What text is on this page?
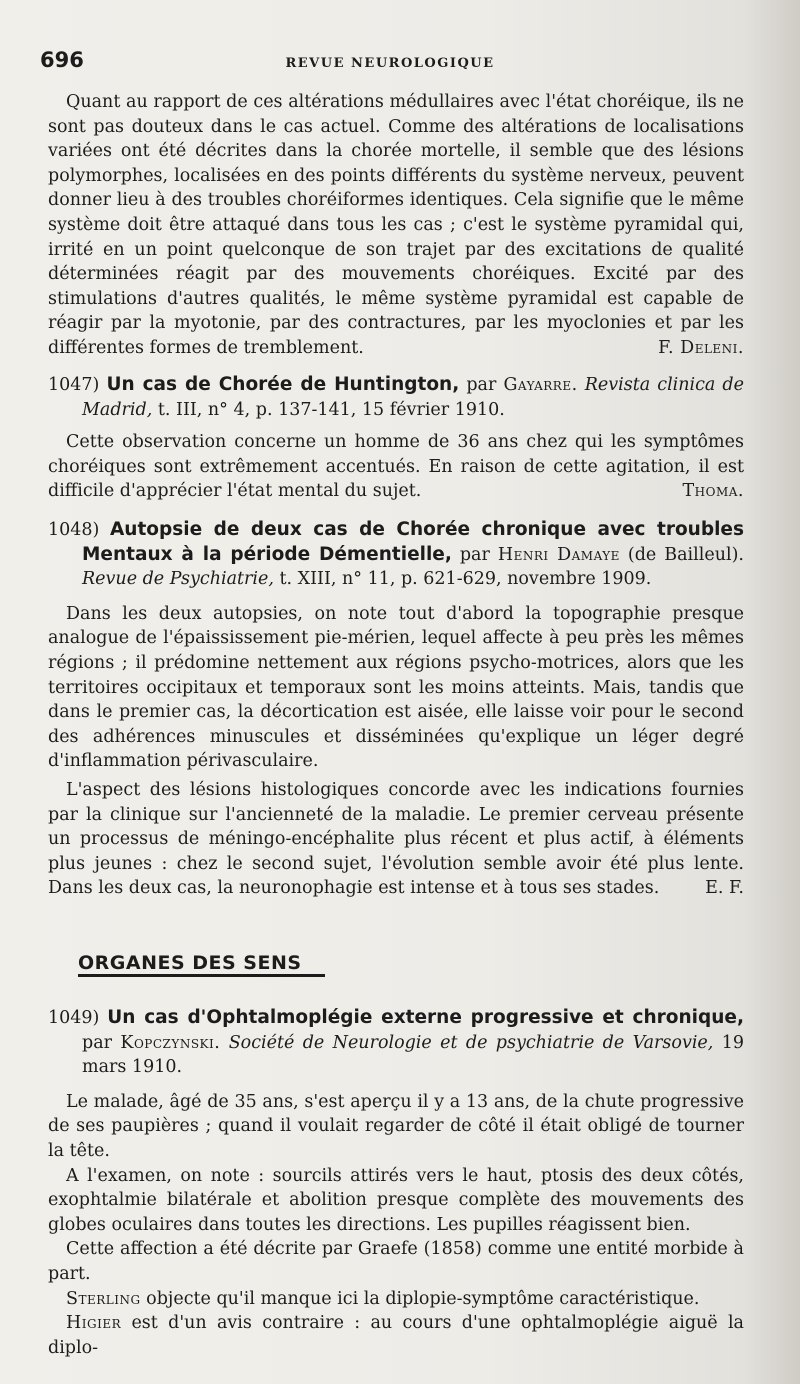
696	REVUE NEUROLOGIQUE

Quant au rapport de ces altérations médullaires avec l'état choréique, ils ne sont pas douteux dans le cas actuel. Comme des altérations de localisations variées ont été décrites dans la chorée mortelle, il semble que des lésions polymorphes, localisées en des points différents du système nerveux, peuvent donner lieu à des troubles choréiformes identiques. Cela signifie que le même système doit être attaqué dans tous les cas ; c'est le système pyramidal qui, irrité en un point quelconque de son trajet par des excitations de qualité déterminées réagit par des mouvements choréiques. Excité par des stimulations d'autres qualités, le même système pyramidal est capable de réagir par la myotonie, par des contractures, par les myoclonies et par les différentes formes de tremblement.	F. Deleni.

1047) Un cas de Chorée de Huntington, par Gayarre. Revista clinica de Madrid, t. III, n° 4, p. 137-141, 15 février 1910.

Cette observation concerne un homme de 36 ans chez qui les symptômes choréiques sont extrêmement accentués. En raison de cette agitation, il est difficile d'apprécier l'état mental du sujet.	Thoma.

1048) Autopsie de deux cas de Chorée chronique avec troubles Mentaux à la période Démentielle, par Henri Damaye (de Bailleul). Revue de Psychiatrie, t. XIII, n° 11, p. 621-629, novembre 1909.

Dans les deux autopsies, on note tout d'abord la topographie presque analogue de l'épaississement pie-mérien, lequel affecte à peu près les mêmes régions ; il prédomine nettement aux régions psycho-motrices, alors que les territoires occipitaux et temporaux sont les moins atteints. Mais, tandis que dans le premier cas, la décortication est aisée, elle laisse voir pour le second des adhérences minuscules et disséminées qu'explique un léger degré d'inflammation périvasculaire.

L'aspect des lésions histologiques concorde avec les indications fournies par la clinique sur l'ancienneté de la maladie. Le premier cerveau présente un processus de méningo-encéphalite plus récent et plus actif, à éléments plus jeunes : chez le second sujet, l'évolution semble avoir été plus lente. Dans les deux cas, la neuronophagie est intense et à tous ses stades.	E. F.

ORGANES DES SENS
1049) Un cas d'Ophtalmoplégie externe progressive et chronique, par Kopczynski. Société de Neurologie et de psychiatrie de Varsovie, 19 mars 1910.

Le malade, âgé de 35 ans, s'est aperçu il y a 13 ans, de la chute progressive de ses paupières ; quand il voulait regarder de côté il était obligé de tourner la tête.

A l'examen, on note : sourcils attirés vers le haut, ptosis des deux côtés, exophtalmie bilatérale et abolition presque complète des mouvements des globes oculaires dans toutes les directions. Les pupilles réagissent bien.

Cette affection a été décrite par Graefe (1858) comme une entité morbide à part.

Sterling objecte qu'il manque ici la diplopie-symptôme caractéristique.

Higier est d'un avis contraire : au cours d'une ophtalmoplégie aiguë la diplo-
